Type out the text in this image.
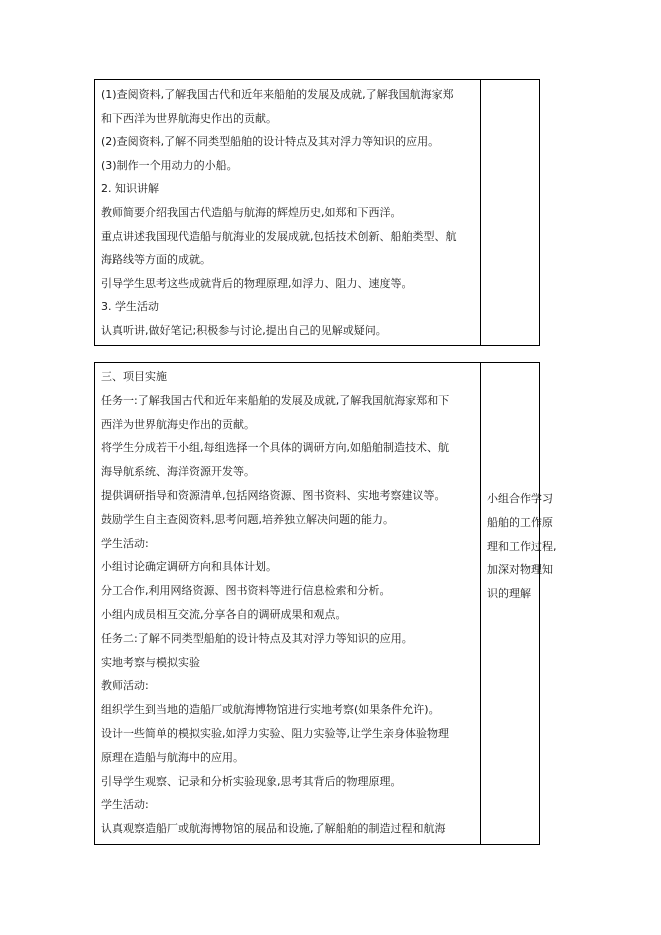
(1)查阅资料,了解我国古代和近年来船舶的发展及成就,了解我国航海家郑
和下西洋为世界航海史作出的贡献。
(2)查阅资料,了解不同类型船舶的设计特点及其对浮力等知识的应用。
(3)制作一个用动力的小船。
2. 知识讲解
教师简要介绍我国古代造船与航海的辉煌历史,如郑和下西洋。
重点讲述我国现代造船与航海业的发展成就,包括技术创新、船舶类型、航
海路线等方面的成就。
引导学生思考这些成就背后的物理原理,如浮力、阻力、速度等。
3. 学生活动
认真听讲,做好笔记;积极参与讨论,提出自己的见解或疑问。
三、项目实施
任务一:了解我国古代和近年来船舶的发展及成就,了解我国航海家郑和下
西洋为世界航海史作出的贡献。
将学生分成若干小组,每组选择一个具体的调研方向,如船舶制造技术、航
海导航系统、海洋资源开发等。
提供调研指导和资源清单,包括网络资源、图书资料、实地考察建议等。
鼓励学生自主查阅资料,思考问题,培养独立解决问题的能力。
学生活动:
小组讨论确定调研方向和具体计划。
分工合作,利用网络资源、图书资料等进行信息检索和分析。
小组内成员相互交流,分享各自的调研成果和观点。
任务二:了解不同类型船舶的设计特点及其对浮力等知识的应用。
实地考察与模拟实验
教师活动:
组织学生到当地的造船厂或航海博物馆进行实地考察(如果条件允许)。
设计一些简单的模拟实验,如浮力实验、阻力实验等,让学生亲身体验物理
原理在造船与航海中的应用。
引导学生观察、记录和分析实验现象,思考其背后的物理原理。
学生活动:
认真观察造船厂或航海博物馆的展品和设施,了解船舶的制造过程和航海
小组合作学习
船舶的工作原
理和工作过程,
加深对物理知
识的理解
